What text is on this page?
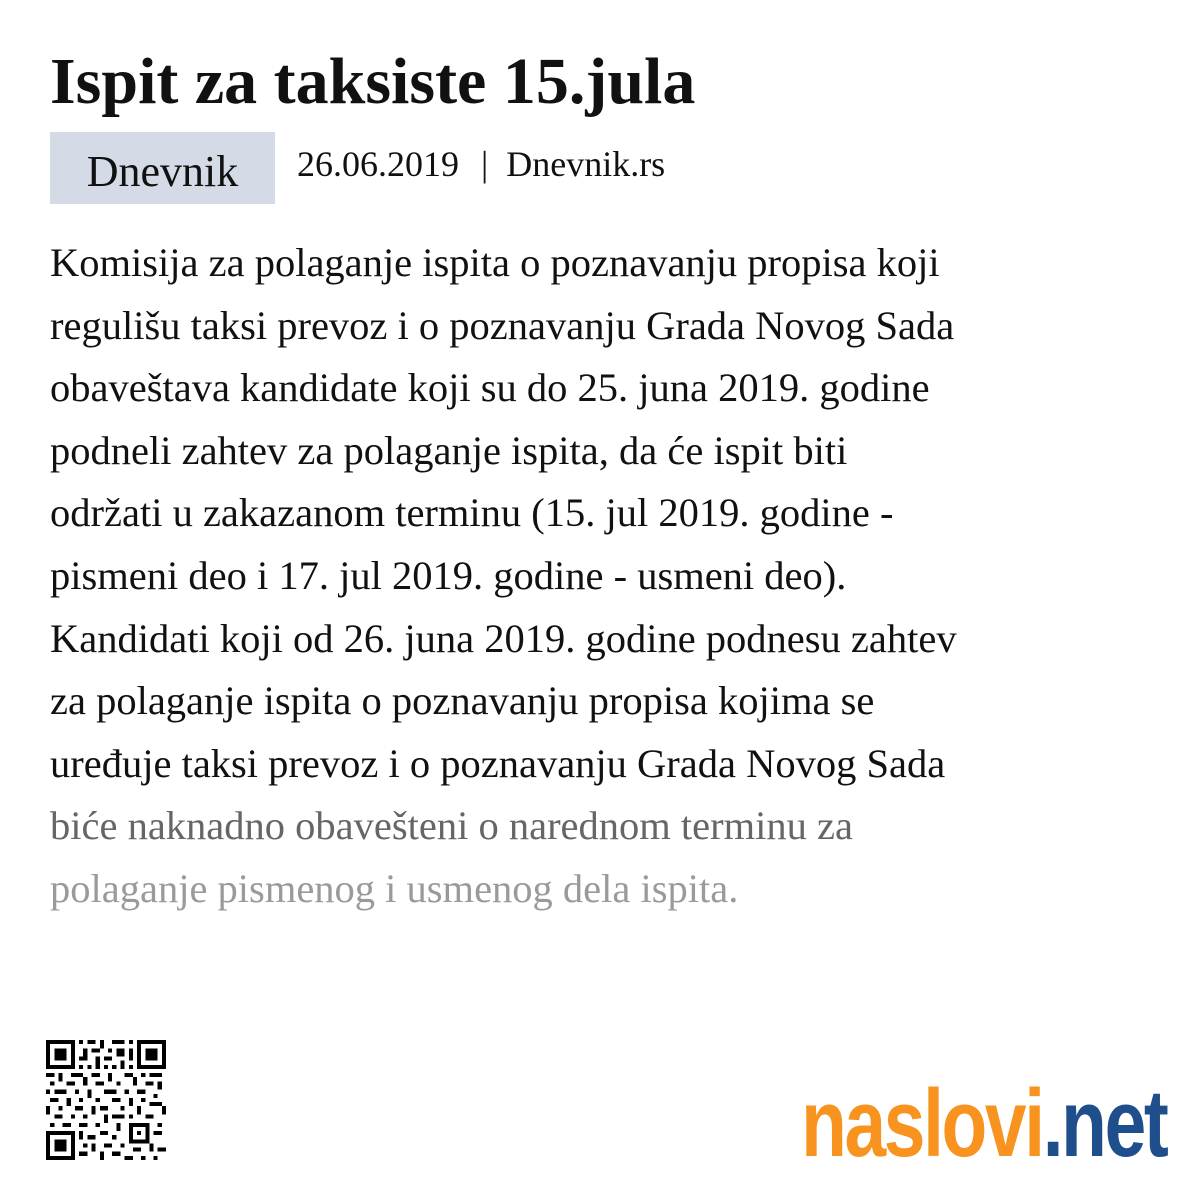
Ispit za taksiste 15.jula
Dnevnik	26.06.2019 | Dnevnik.rs
Komisija za polaganje ispita o poznavanju propisa koji
regulišu taksi prevoz i o poznavanju Grada Novog Sada
obaveštava kandidate koji su do 25. juna 2019. godine
podneli zahtev za polaganje ispita, da će ispit biti
održati u zakazanom terminu (15. jul 2019. godine -
pismeni deo i 17. jul 2019. godine - usmeni deo).
Kandidati koji od 26. juna 2019. godine podnesu zahtev
za polaganje ispita o poznavanju propisa kojima se
uređuje taksi prevoz i o poznavanju Grada Novog Sada
biće naknadno obavešteni o narednom terminu za
polaganje pismenog i usmenog dela ispita.
naslovi .net
